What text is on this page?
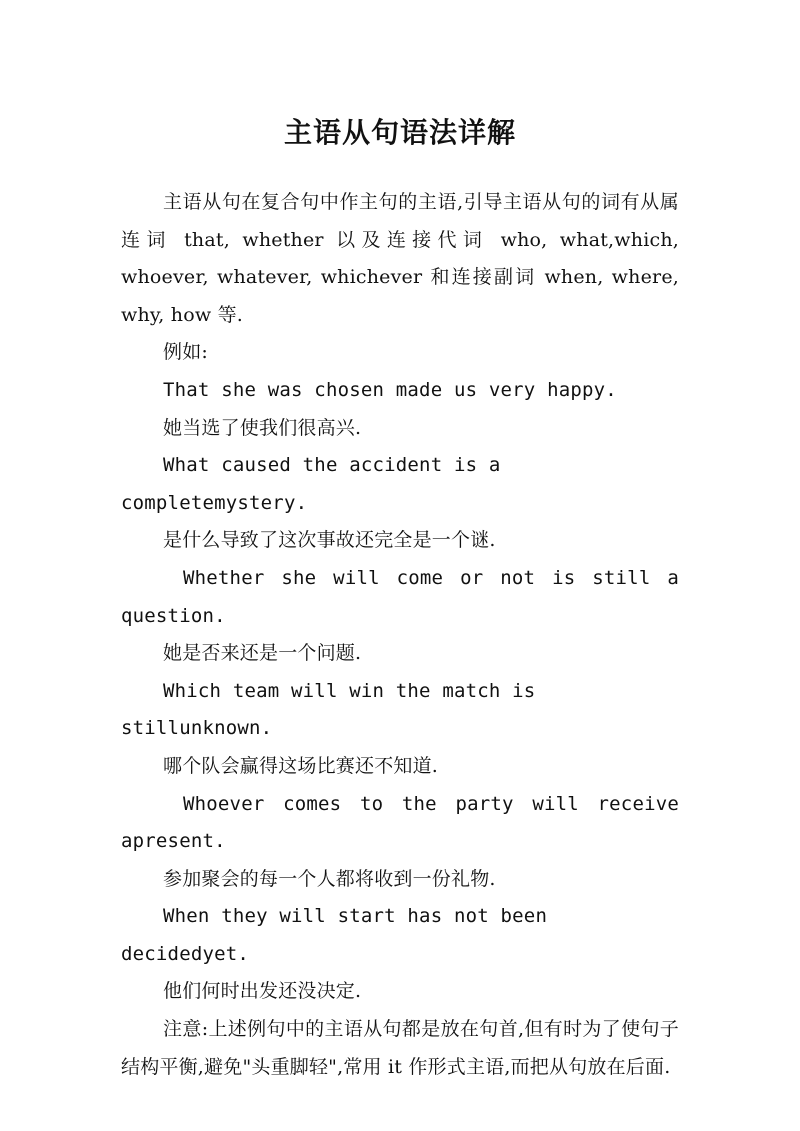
主语从句语法详解

主语从句在复合句中作主句的主语,引导主语从句的词有从属连词 that, whether 以及连接代词 who, what,which, whoever, whatever, whichever 和连接副词 when, where, why, how 等.

例如:

That she was chosen made us very happy.

她当选了使我们很高兴.

What caused the accident is a completemystery.

是什么导致了这次事故还完全是一个谜.

Whether she will come or not is still a

question.

她是否来还是一个问题.

Which team will win the match is stillunknown.

哪个队会赢得这场比赛还不知道.

Whoever comes to the party will receive

apresent.

参加聚会的每一个人都将收到一份礼物.

When they will start has not been decidedyet.

他们何时出发还没决定.

注意:上述例句中的主语从句都是放在句首,但有时为了使句子结构平衡,避免"头重脚轻",常用 it 作形式主语,而把从句放在后面.
